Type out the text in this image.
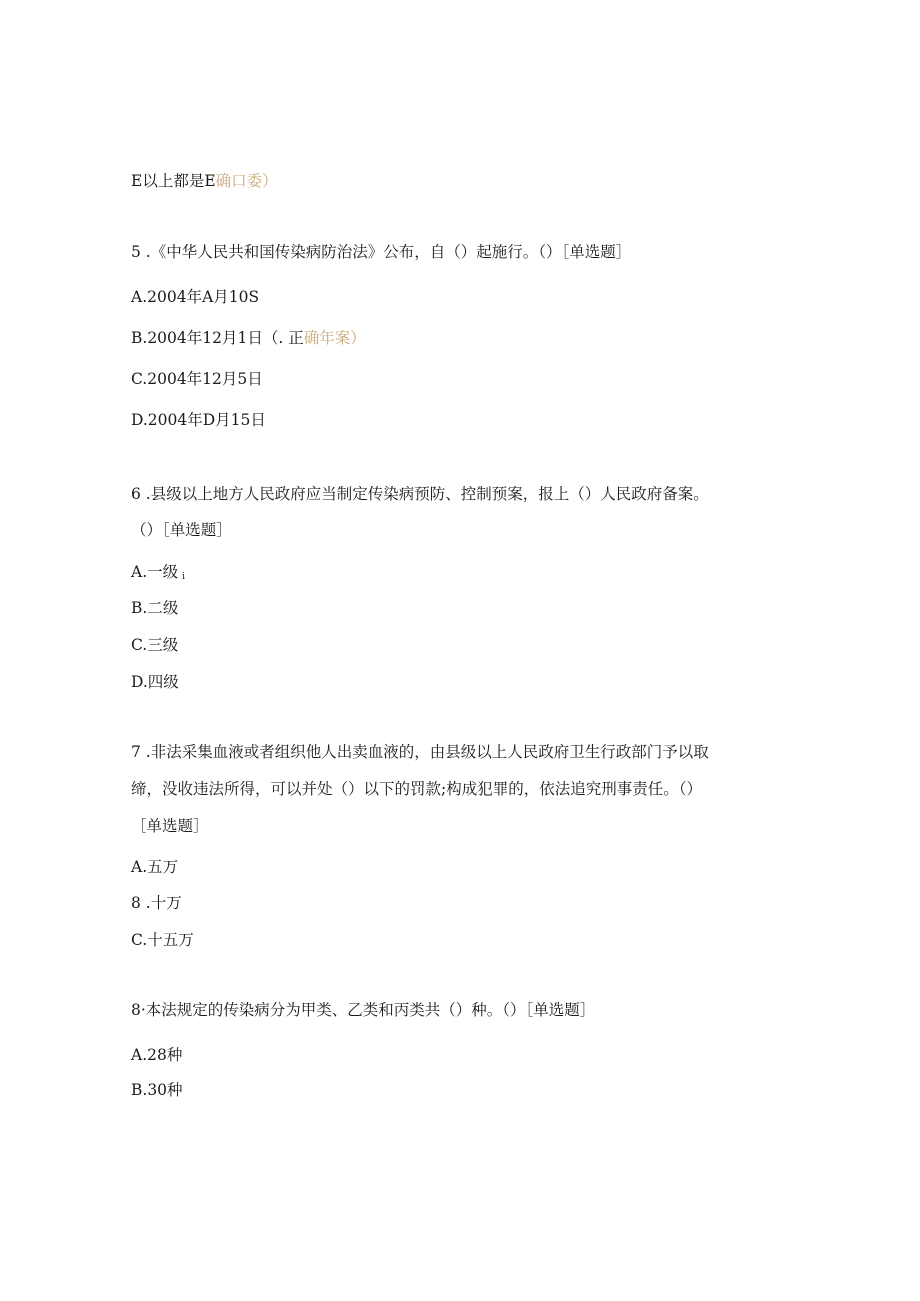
E以上都是E确口委）
5 .《中华人民共和国传染病防治法》公布，自（）起施行。（）［单选题］
A.2004年A月10S
B.2004年12月1日（. 正确年案）
C.2004年12月5日
D.2004年D月15日
6 .县级以上地方人民政府应当制定传染病预防、控制预案，报上（）人民政府备案。
（）［单选题］
A.一级 i
B.二级
C.三级
D.四级
7 .非法采集血液或者组织他人出卖血液的，由县级以上人民政府卫生行政部门予以取
缔，没收违法所得，可以并处（）以下的罚款;构成犯罪的，依法追究刑事责任。（）
［单选题］
A.五万
8 .十万
C.十五万
8·本法规定的传染病分为甲类、乙类和丙类共（）种。（）［单选题］
A.28种
B.30种
